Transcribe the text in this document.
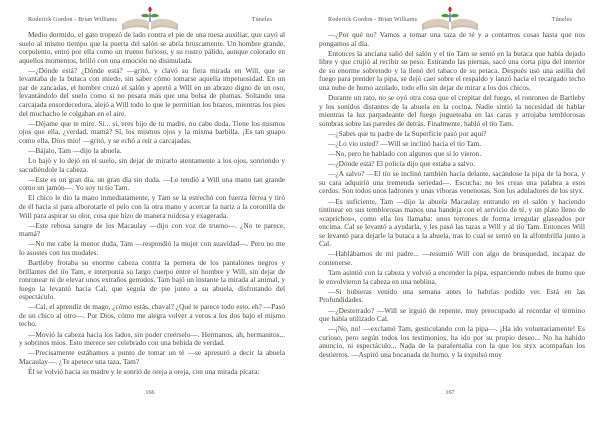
Roderick Gordon - Brian Williams	Túneles

Medio dormido, el gato tropezó de lado contra el pie de una mesa auxiliar, que cayó al suelo al mismo tiempo que la puerta del salón se abría bruscamente. Un hombre grande, corpulento, entró por ella como un trueno furioso, y su rostro pálido, aunque colorado en aquellos momentos, brilló con una emoción no disimulada.

—¿Dónde está? ¿Dónde está? —gritó, y clavó su fiera mirada en Will, que se levantaba de la butaca con miedo, sin saber cómo tomarse aquella impetuosidad. En un par de zancadas, el hombre cruzó el salón y apretó a Will en un abrazo digno de un oso, levantándolo del suelo como si no pesara más que una bolsa de plumas. Soltando una carcajada ensordecedora, alejó a Will todo lo que le permitían los brazos, mientras los pies del muchacho le colgaban en el aire.

—Déjame que te mire. Sí... sí, eres hijo de tu madre, no cabe duda. Tiene los mismos ojos que ella, ¿verdad, mamá? Sí, los mismos ojos y la misma barbilla. ¡Es tan guapo como ella, Dios mío! —gritó, y se echó a reír a carcajadas.

—Bájalo, Tam —dijo la abuela.

Lo bajó y lo dejó en el suelo, sin dejar de mirarlo atentamente a los ojos, sonriendo y sacudiéndole la cabeza.

—Este es un gran día, un gran día sin duda. —Le tendió a Will una mano tan grande como un jamón—. Yo soy tu tío Tam.

El chico le dio la mano inmediatamente, y Tam se la estrechó con fuerza férrea y tiró de él hacia sí para alborotarle el pelo con la otra mano y acercar la nariz a la coronilla de Will para aspirar su olor, cosa que hizo de manera ruidosa y exagerada.

—Este rebosa sangre de los Macaulay —dijo con voz de trueno—. ¿No te parece, mamá?

—No me cabe la menor duda, Tam —respondió la mujer con suavidad—. Pero no me lo asustes con tus modales.

Bartleby frotaba su enorme cabeza contra la pernera de los pantalones negros y brillantes del tío Tam, e interponía su largo cuerpo entre el hombre y Will, sin dejar de ronronear ni de elevar unos extraños gemidos. Tam bajó un instante la mirada al animal, y luego la levantó hacia Cal, que seguía de pie junto a su abuela, disfrutando del espectáculo.

—Cal, el aprendiz de mago, ¿cómo estás, chaval? ¿Qué te parece todo esto, eh? —Pasó de un chico al otro—. Por Dios, cómo me alegra volver a veros a los dos bajo el mismo techo.

—Movió la cabeza hacia los lados, sin poder creérselo—. Hermanos, ah, hermanitos... y sobrinos míos. Esto merece ser celebrado con una bebida de verdad.

—Precisamente estábamos a punto de tomar un té —se apresuró a decir la abuela Macaulay—. ¿Te apetece una taza, Tam?

Él se volvió hacia su madre y le sonrió de oreja a oreja, con una mirada pícara:

166
Roderick Gordon - Brian Williams	Túneles

—¿Por qué no? Vamos a tomar una taza de té y a contarnos cosas hasta que nos pongamos al día.

Entonces la anciana salió del salón y el tío Tam se sentó en la butaca que había dejado libre y que crujió al recibir su peso. Estirando las piernas, sacó una corta pipa del interior de su enorme sobretodo y la llenó del tabaco de su petaca. Después usó una astilla del fuego para prender la pipa, se dejó caer sobre el respaldo y lanzó hacia el recargado techo una nube de humo azulado, todo ello sin dejar de mirar a los dos chicos.

Durante un rato, no se oyó otra cosa que el crepitar del fuego, el ronroneo de Bartleby y los sonidos distantes de la abuela en la cocina. Nadie sintió la necesidad de hablar mientras la luz parpadeante del fuego jugueteaba en las caras y arrojaba temblorosas sombras sobre las paredes de detrás. Finalmente, habló el tío Tam.

—¿Sabes que tu padre de la Superficie pasó por aquí?

—¿Lo vio usted? —Will se inclinó hacia el tío Tam.

—No, pero he hablado con algunos que sí lo vieron.

—¿Dónde está? El policía dijo que estaba a salvo.

—¿A salvo? —El tío se inclinó también hacia delante, sacándose la pipa de la boca, y su cara adquirió una tremenda seriedad—. Escucha: no les creas una palabra a esos cerdos. Son todos unos ladrones y unas víboras venenosas. Son los aduladores de los styx.

—Es suficiente, Tam —dijo la abuela Macaulay entrando en el salón y haciendo tintinear en sus temblorosas manos una bandeja con el servicio de té, y un plato lleno de «caprichos», como ella los llamaba: unos terrones de forma irregular glaseados por encima. Cal se levantó a ayudarla, y les pasó las tazas a Will y al tío Tam. Entonces Will se levantó para dejarle la butaca a la abuela, tras lo cual se sentó en la alfombrilla junto a Cal.

—Hablábamos de mi padre... —resumió Will con algo de brusquedad, incapaz de contenerse.

Tam asintió con la cabeza y volvió a encender la pipa, esparciendo nubes de humo que le envolvieron la cabeza en una neblina.

—Si hubieras venido una semana antes lo habrías podido ver. Está en las Profundidades.

—¿Desterrado? —Will se irguió de repente, muy preocupado al recordar el término que había utilizado Cal.

—¡No, no! —exclamó Tam, gesticulando con la pipa—. ¡Ha ido voluntariamente! Es curioso, pero según todos los testimonios, ha ido por su propio deseo... No ha habido anuncio, ni espectáculo... Nada de la parafernalia con la que los styx acompañan los destierros. —Aspiró una bocanada de humo, y la expulsó muy

167
